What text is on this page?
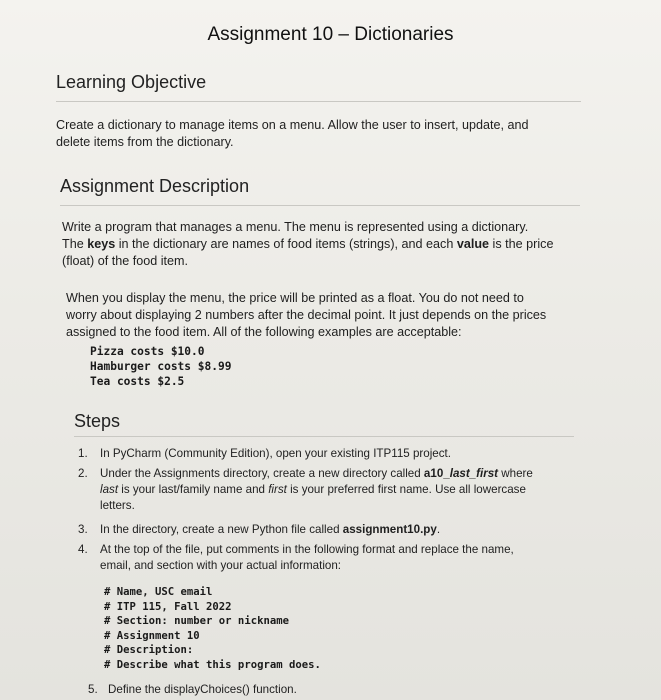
Assignment 10 – Dictionaries
Learning Objective
Create a dictionary to manage items on a menu. Allow the user to insert, update, and
delete items from the dictionary.
Assignment Description
Write a program that manages a menu. The menu is represented using a dictionary.
The keys in the dictionary are names of food items (strings), and each value is the price
(float) of the food item.
When you display the menu, the price will be printed as a float. You do not need to
worry about displaying 2 numbers after the decimal point. It just depends on the prices
assigned to the food item. All of the following examples are acceptable:
Pizza costs $10.0
Hamburger costs $8.99
Tea costs $2.5
Steps
1. In PyCharm (Community Edition), open your existing ITP115 project.
2. Under the Assignments directory, create a new directory called a10_last_first where
last is your last/family name and first is your preferred first name. Use all lowercase
letters.
3. In the directory, create a new Python file called assignment10.py.
4. At the top of the file, put comments in the following format and replace the name,
email, and section with your actual information:
5. Define the displayChoices() function.
# Name, USC email
# ITP 115, Fall 2022
# Section: number or nickname
# Assignment 10
# Description:
# Describe what this program does.
